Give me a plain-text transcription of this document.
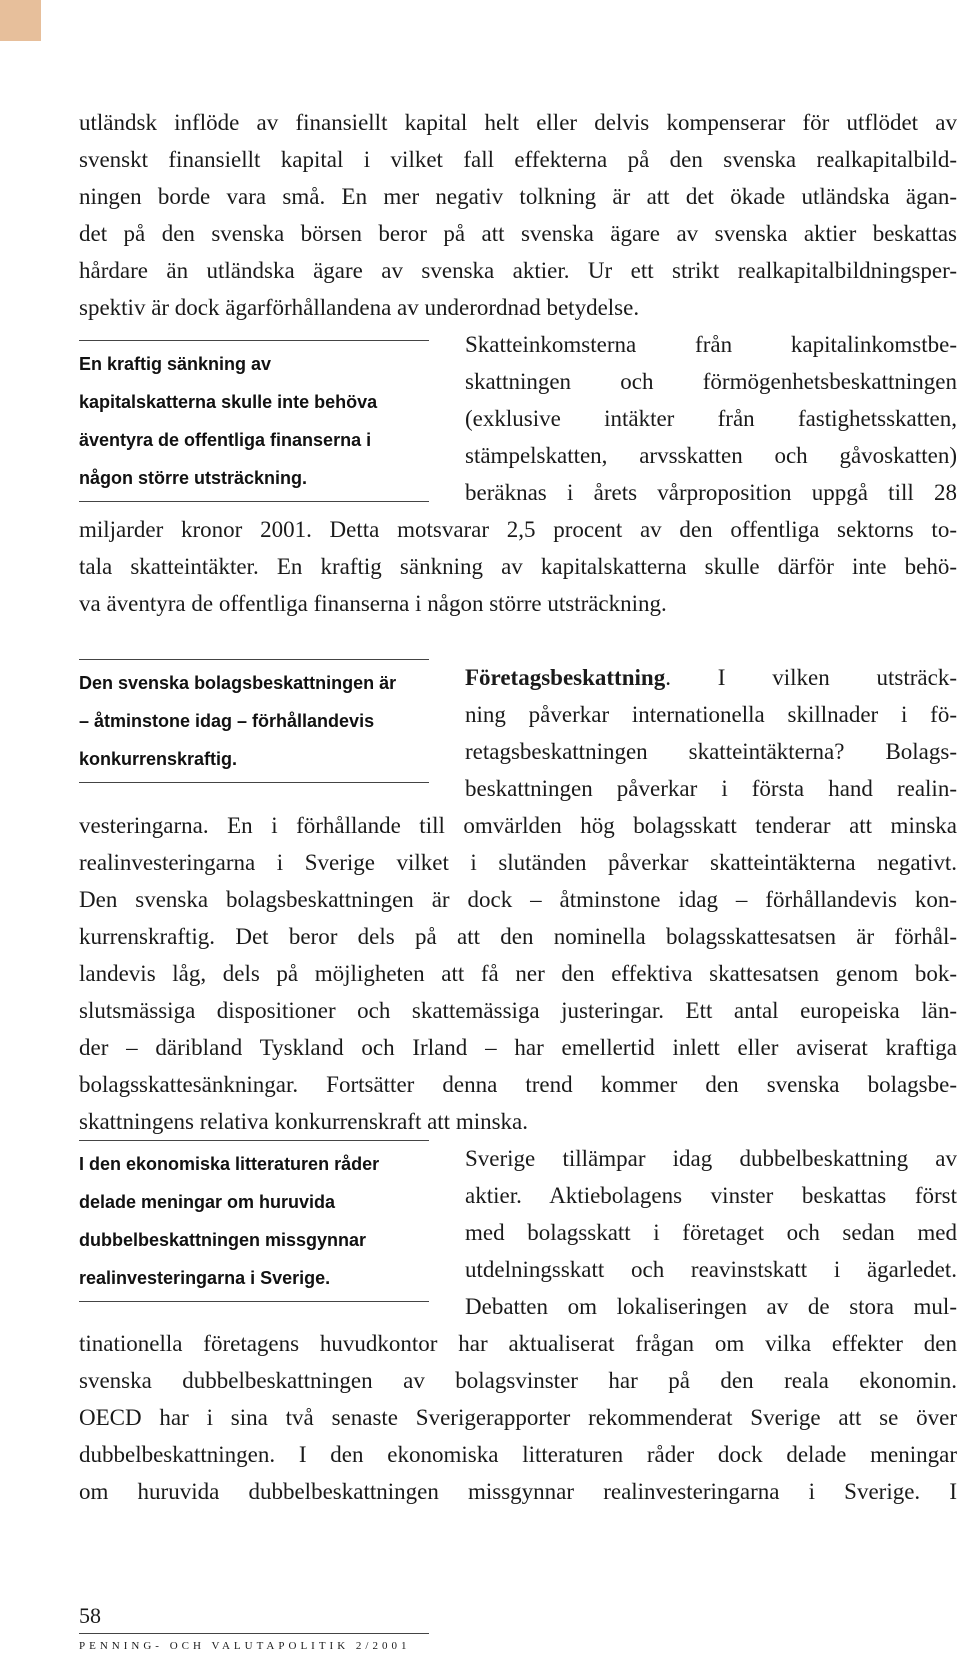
utländsk inflöde av finansiellt kapital helt eller delvis kompenserar för utflödet av
svenskt finansiellt kapital i vilket fall effekterna på den svenska realkapitalbild-
ningen borde vara små. En mer negativ tolkning är att det ökade utländska ägan-
det på den svenska börsen beror på att svenska ägare av svenska aktier beskattas
hårdare än utländska ägare av svenska aktier. Ur ett strikt realkapitalbildningsper-
spektiv är dock ägarförhållandena av underordnad betydelse.
En kraftig sänkning av
kapitalskatterna skulle inte behöva
äventyra de offentliga finanserna i
någon större utsträckning.
Skatteinkomsterna från kapitalinkomstbe-
skattningen och förmögenhetsbeskattningen
(exklusive intäkter från fastighetsskatten,
stämpelskatten, arvsskatten och gåvoskatten)
beräknas i årets vårproposition uppgå till 28
miljarder kronor 2001. Detta motsvarar 2,5 procent av den offentliga sektorns to-
tala skatteintäkter. En kraftig sänkning av kapitalskatterna skulle därför inte behö-
va äventyra de offentliga finanserna i någon större utsträckning.
Den svenska bolagsbeskattningen är
– åtminstone idag – förhållandevis
konkurrenskraftig.
Företagsbeskattning. I vilken utsträck-
ning påverkar internationella skillnader i fö-
retagsbeskattningen skatteintäkterna? Bolags-
beskattningen påverkar i första hand realin-
vesteringarna. En i förhållande till omvärlden hög bolagsskatt tenderar att minska
realinvesteringarna i Sverige vilket i slutänden påverkar skatteintäkterna negativt.
Den svenska bolagsbeskattningen är dock – åtminstone idag – förhållandevis kon-
kurrenskraftig. Det beror dels på att den nominella bolagsskattesatsen är förhål-
landevis låg, dels på möjligheten att få ner den effektiva skattesatsen genom bok-
slutsmässiga dispositioner och skattemässiga justeringar. Ett antal europeiska län-
der – däribland Tyskland och Irland – har emellertid inlett eller aviserat kraftiga
bolagsskattesänkningar. Fortsätter denna trend kommer den svenska bolagsbe-
skattningens relativa konkurrenskraft att minska.
I den ekonomiska litteraturen råder
delade meningar om huruvida
dubbelbeskattningen missgynnar
realinvesteringarna i Sverige.
Sverige tillämpar idag dubbelbeskattning av
aktier. Aktiebolagens vinster beskattas först
med bolagsskatt i företaget och sedan med
utdelningsskatt och reavinstskatt i ägarledet.
Debatten om lokaliseringen av de stora mul-
tinationella företagens huvudkontor har aktualiserat frågan om vilka effekter den
svenska dubbelbeskattningen av bolagsvinster har på den reala ekonomin.
OECD har i sina två senaste Sverigerapporter rekommenderat Sverige att se över
dubbelbeskattningen. I den ekonomiska litteraturen råder dock delade meningar
om huruvida dubbelbeskattningen missgynnar realinvesteringarna i Sverige. I
58
PENNING- OCH VALUTAPOLITIK 2/2001
